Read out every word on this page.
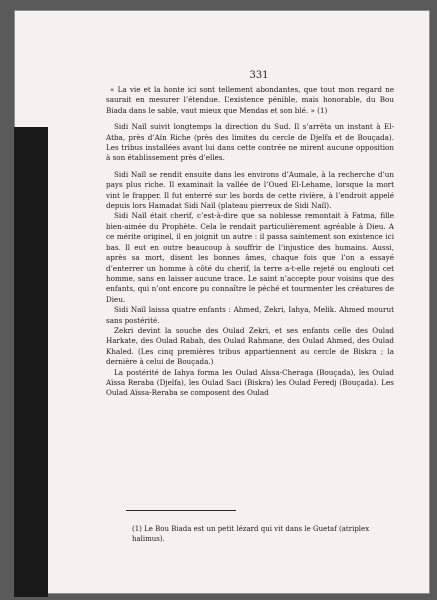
331

« La vie et la honte ici sont tellement abondantes, que tout mon regard ne saurait en mesurer l’étendue. L’existence pénible, mais honorable, du Bou Biada dans le sable, vaut mieux que Mendas et son blé. » (1)

Sidi Naïl suivit longtemps la direction du Sud. Il s’arrêta un instant à El-Atba, près d’Aïn Riche (près des limites du cercle de Djelfa et de Bouçada). Les tribus installées avant lui dans cette contrée ne mirent aucune opposition à son établissement près d’elles.

Sidi Naïl se rendit ensuite dans les environs d’Aumale, à la recherche d’un pays plus riche. Il examinait la vallée de l’Oued El-Lehame, lorsque la mort vint le frapper. Il fut enterré sur les bords de cette rivière, à l’endroit appelé depuis lors Hamadat Sidi Naïl (plateau pierreux de Sidi Naïl).

Sidi Naïl était cherif, c’est-à-dire que sa noblesse remontait à Fatma, fille bien-aimée du Prophète. Cela le rendait particulièrement agréable à Dieu. A ce mérite originel, il en joignit un autre : il passa saintement son existence ici bas. Il eut en outre beaucoup à souffrir de l’injustice des humains. Aussi, après sa mort, disent les bonnes âmes, chaque fois que l’on a essayé d’enterrer un homme à côté du cherif, la terre a-t-elle rejeté ou englouti cet homme, sans en laisser aucune trace. Le saint n’accepte pour voisins que des enfants, qui n’ont encore pu connaître le péché et tourmenter les créatures de Dieu.

Sidi Naïl laissa quatre enfants : Ahmed, Zekri, Iahya, Melik. Ahmed mourut sans postérité.

Zekri devint la souche des Oulad Zekri, et ses enfants celle des Oulad Harkate, des Oulad Rabah, des Oulad Rahmane, des Oulad Ahmed, des Oulad Khaled. (Les cinq premières tribus appartiennent au cercle de Biskra ; la dernière à celui de Bouçada.)

La postérité de Iahya forma les Oulad Aïssa-Cheraga (Bouçada), les Oulad Aïssa Reraba (Djelfa), les Oulad Saci (Biskra) les Oulad Feredj (Bouçada). Les Oulad Aïssa-Reraba se composent des Oulad

(1) Le Bou Biada est un petit lézard qui vit dans le Guetaf (atriplex halimus).
